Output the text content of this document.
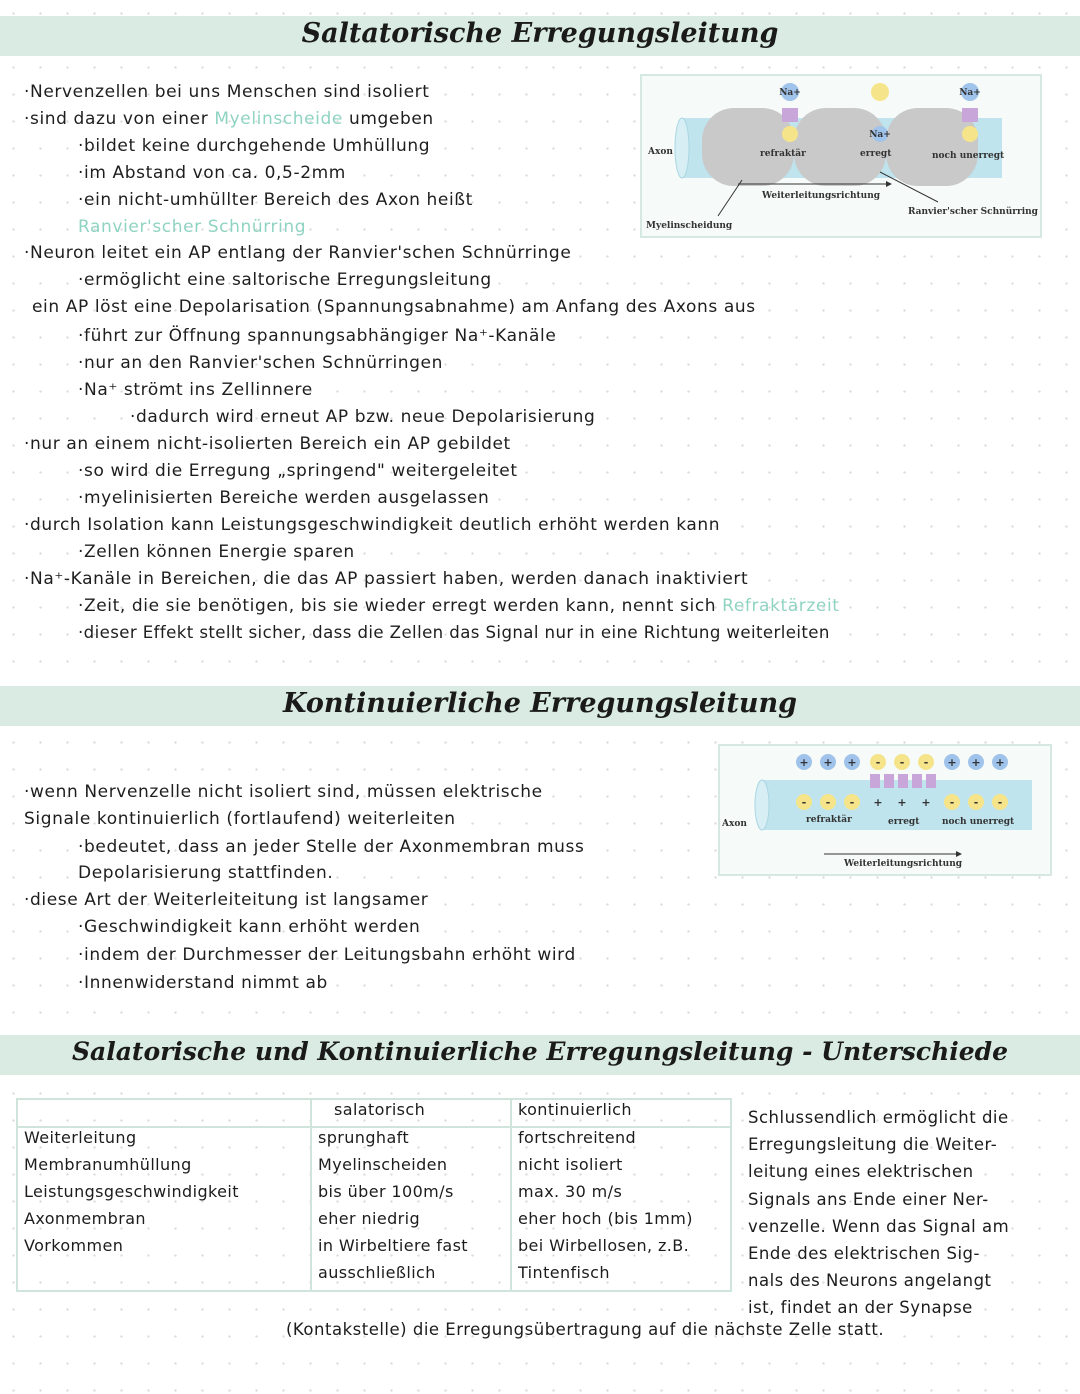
Saltatorische Erregungsleitung
·Nervenzellen bei uns Menschen sind isoliert
·sind dazu von einer Myelinscheide umgeben
·bildet keine durchgehende Umhüllung
·im Abstand von ca. 0,5-2mm
·ein nicht-umhüllter Bereich des Axon heißt
Ranvier'scher Schnürring
·Neuron leitet ein AP entlang der Ranvier'schen Schnürringe
·ermöglicht eine saltorische Erregungsleitung
ein AP löst eine Depolarisation (Spannungsabnahme) am Anfang des Axons aus
·führt zur Öffnung spannungsabhängiger Na⁺-Kanäle
·nur an den Ranvier'schen Schnürringen
·Na⁺ strömt ins Zellinnere
·dadurch wird erneut AP bzw. neue Depolarisierung
·nur an einem nicht-isolierten Bereich ein AP gebildet
·so wird die Erregung „springend" weitergeleitet
·myelinisierten Bereiche werden ausgelassen
·durch Isolation kann Leistungsgeschwindigkeit deutlich erhöht werden kann
·Zellen können Energie sparen
·Na⁺-Kanäle in Bereichen, die das AP passiert haben, werden danach inaktiviert
·Zeit, die sie benötigen, bis sie wieder erregt werden kann, nennt sich Refraktärzeit
·dieser Effekt stellt sicher, dass die Zellen das Signal nur in eine Richtung weiterleiten
Na+	Na+
Na+
Axon	refraktär	erregt	noch unerregt
Weiterleitungsrichtung
Myelinscheidung
Ranvier'scher Schnürring
Kontinuierliche Erregungsleitung
·wenn Nervenzelle nicht isoliert sind, müssen elektrische
Signale kontinuierlich (fortlaufend) weiterleiten
·bedeutet, dass an jeder Stelle der Axonmembran muss
Depolarisierung stattfinden.
·diese Art der Weiterleiteitung ist langsamer
·Geschwindigkeit kann erhöht werden
·indem der Durchmesser der Leitungsbahn erhöht wird
·Innenwiderstand nimmt ab
+ + + - - - + + +
- - - + + + - - -
Axon	refraktär	erregt	noch unerregt
Weiterleitungsrichtung
Salatorische und Kontinuierliche Erregungsleitung - Unterschiede
	salatorisch	kontinuierlich
Weiterleitung	sprunghaft	fortschreitend
Membranumhüllung	Myelinscheiden	nicht isoliert
Leistungsgeschwindigkeit	bis über 100m/s	max. 30 m/s
Axonmembran	eher niedrig	eher hoch (bis 1mm)
Vorkommen	in Wirbeltiere fast	bei Wirbellosen, z.B.
	ausschließlich	Tintenfisch
Schlussendlich ermöglicht die
Erregungsleitung die Weiter-
leitung eines elektrischen
Signals ans Ende einer Ner-
venzelle. Wenn das Signal am
Ende des elektrischen Sig-
nals des Neurons angelangt
ist, findet an der Synapse
(Kontakstelle) die Erregungsübertragung auf die nächste Zelle statt.
